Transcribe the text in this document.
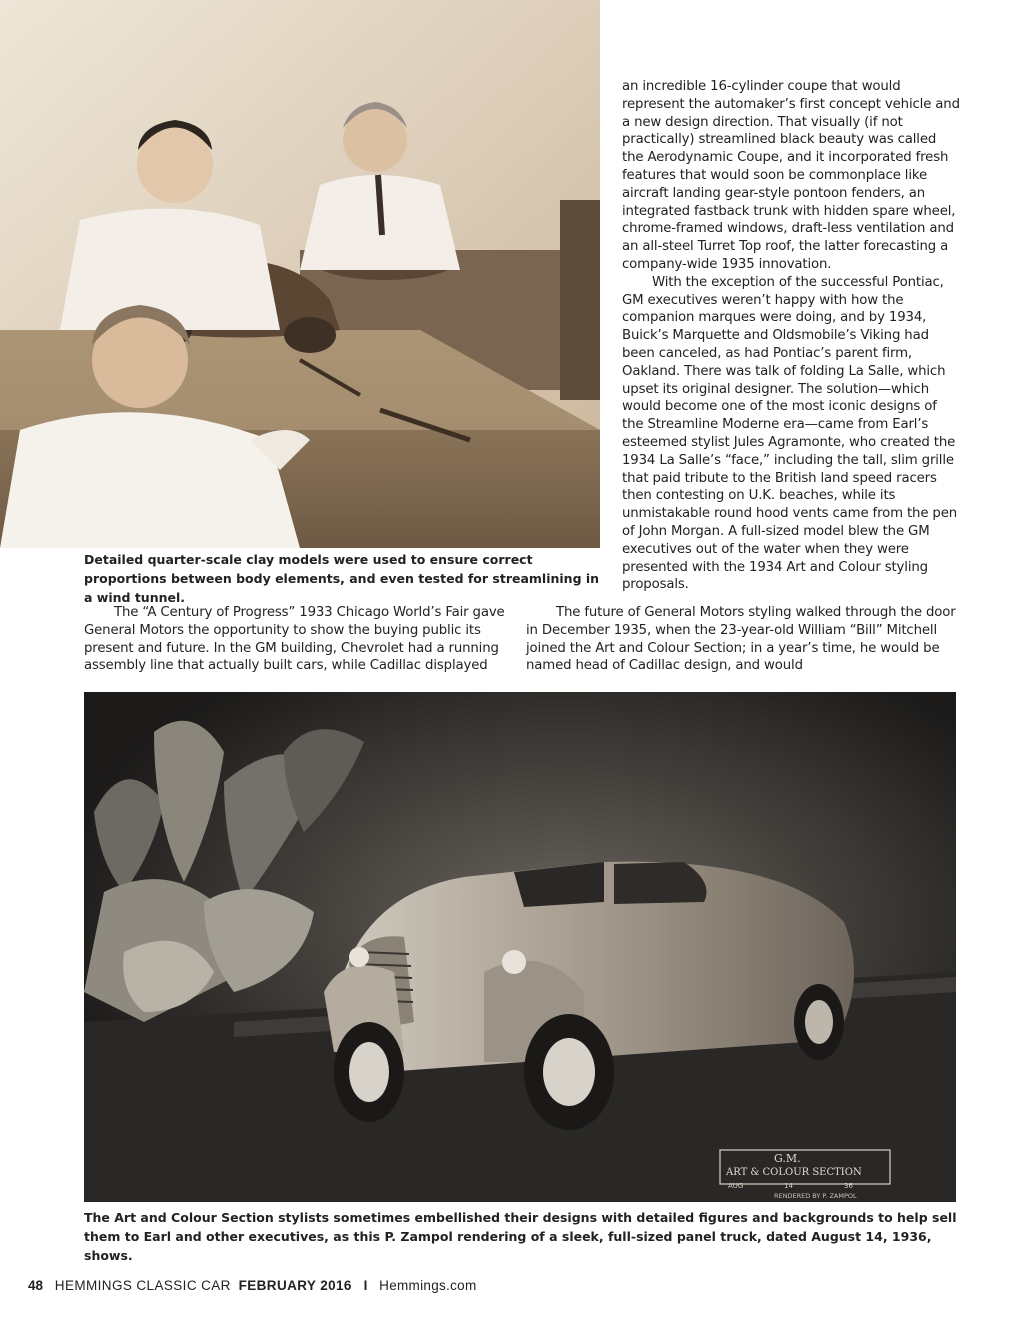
Detailed quarter-scale clay models were used to ensure correct proportions between body elements, and even tested for streamlining in a wind tunnel.

an incredible 16-cylinder coupe that would represent the automaker’s first concept vehicle and a new design direction. That visually (if not practically) streamlined black beauty was called the Aerodynamic Coupe, and it incorporated fresh features that would soon be commonplace like aircraft landing gear-style pontoon fenders, an integrated fastback trunk with hidden spare wheel, chrome-framed windows, draft-less ventilation and an all-steel Turret Top roof, the latter forecasting a company-wide 1935 innovation.

With the exception of the successful Pontiac, GM executives weren’t happy with how the companion marques were doing, and by 1934, Buick’s Marquette and Oldsmobile’s Viking had been canceled, as had Pontiac’s parent firm, Oakland. There was talk of folding La Salle, which upset its original designer. The solution—which would become one of the most iconic designs of the Streamline Moderne era—came from Earl’s esteemed stylist Jules Agramonte, who created the 1934 La Salle’s “face,” including the tall, slim grille that paid tribute to the British land speed racers then contesting on U.K. beaches, while its unmistakable round hood vents came from the pen of John Morgan. A full-sized model blew the GM executives out of the water when they were presented with the 1934 Art and Colour styling proposals.

The “A Century of Progress” 1933 Chicago World’s Fair gave General Motors the opportunity to show the buying public its present and future. In the GM building, Chevrolet had a running assembly line that actually built cars, while Cadillac displayed

The future of General Motors styling walked through the door in December 1935, when the 23-year-old William “Bill” Mitchell joined the Art and Colour Section; in a year’s time, he would be named head of Cadillac design, and would

G.M.
ART & COLOUR SECTION
AUG	14	36
RENDERED BY P. ZAMPOL

The Art and Colour Section stylists sometimes embellished their designs with detailed figures and backgrounds to help sell them to Earl and other executives, as this P. Zampol rendering of a sleek, full-sized panel truck, dated August 14, 1936, shows.

48 HEMMINGS CLASSIC CAR FEBRUARY 2016 I Hemmings.com
